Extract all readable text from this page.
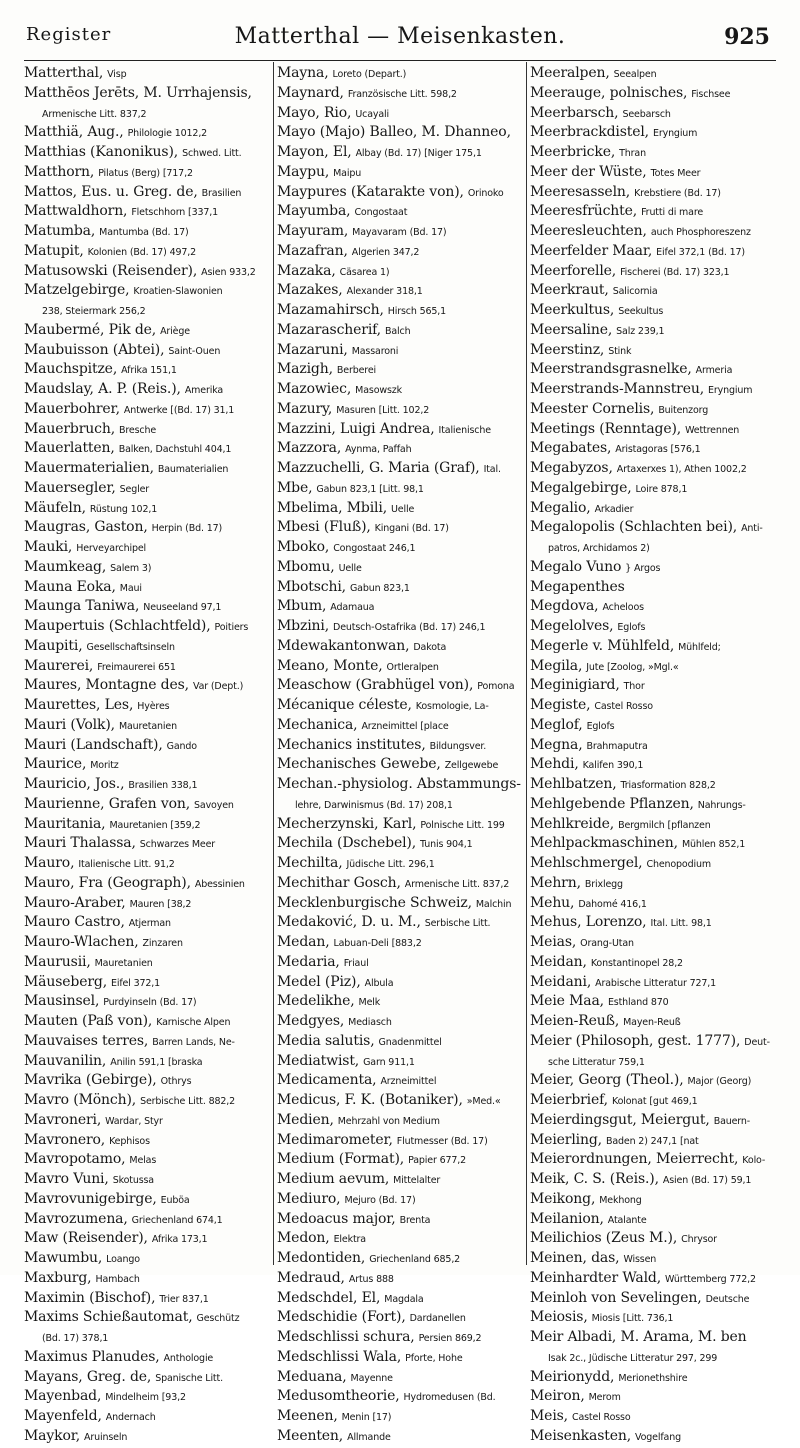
Register	Matterthal — Meisenkasten.	925
Matterthal, Visp
Matthēos Jerēts, M. Urrhajensis,
Armenische Litt. 837,2
Matthiä, Aug., Philologie 1012,2
Matthias (Kanonikus), Schwed. Litt.
Matthorn, Pilatus (Berg) [717,2
Mattos, Eus. u. Greg. de, Brasilien
Mattwaldhorn, Fletschhorn [337,1
Matumba, Mantumba (Bd. 17)
Matupit, Kolonien (Bd. 17) 497,2
Matusowski (Reisender), Asien 933,2
Matzelgebirge, Kroatien-Slawonien
238, Steiermark 256,2
Maubermé, Pik de, Ariège
Maubuisson (Abtei), Saint-Ouen
Mauchspitze, Afrika 151,1
Maudslay, A. P. (Reis.), Amerika
Mauerbohrer, Antwerke [(Bd. 17) 31,1
Mauerbruch, Bresche
Mauerlatten, Balken, Dachstuhl 404,1
Mauermaterialien, Baumaterialien
Mauersegler, Segler
Mäufeln, Rüstung 102,1
Maugras, Gaston, Herpin (Bd. 17)
Mauki, Herveyarchipel
Maumkeag, Salem 3)
Mauna Eoka, Maui
Maunga Taniwa, Neuseeland 97,1
Maupertuis (Schlachtfeld), Poitiers
Maupiti, Gesellschaftsinseln
Maurerei, Freimaurerei 651
Maures, Montagne des, Var (Dept.)
Maurettes, Les, Hyères
Mauri (Volk), Mauretanien
Mauri (Landschaft), Gando
Maurice, Moritz
Mauricio, Jos., Brasilien 338,1
Maurienne, Grafen von, Savoyen
Mauritania, Mauretanien [359,2
Mauri Thalassa, Schwarzes Meer
Mauro, Italienische Litt. 91,2
Mauro, Fra (Geograph), Abessinien
Mauro-Araber, Mauren [38,2
Mauro Castro, Atjerman
Mauro-Wlachen, Zinzaren
Maurusii, Mauretanien
Mäuseberg, Eifel 372,1
Mausinsel, Purdyinseln (Bd. 17)
Mauten (Paß von), Karnische Alpen
Mauvaises terres, Barren Lands, Ne-
Mauvanilin, Anilin 591,1 [braska
Mavrika (Gebirge), Othrys
Mavro (Mönch), Serbische Litt. 882,2
Mavroneri, Wardar, Styr
Mavronero, Kephisos
Mavropotamo, Melas
Mavro Vuni, Skotussa
Mavrovunigebirge, Euböa
Mavrozumena, Griechenland 674,1
Maw (Reisender), Afrika 173,1
Mawumbu, Loango
Maxburg, Hambach
Maximin (Bischof), Trier 837,1
Maxims Schießautomat, Geschütz
(Bd. 17) 378,1
Maximus Planudes, Anthologie
Mayans, Greg. de, Spanische Litt.
Mayenbad, Mindelheim [93,2
Mayenfeld, Andernach
Maykor, Aruinseln
Mayna, Loreto (Depart.)
Maynard, Französische Litt. 598,2
Mayo, Rio, Ucayali
Mayo (Majo) Balleo, M. Dhanneo,
Mayon, El, Albay (Bd. 17) [Niger 175,1
Maypu, Maipu
Maypures (Katarakte von), Orinoko
Mayumba, Congostaat
Mayuram, Mayavaram (Bd. 17)
Mazafran, Algerien 347,2
Mazaka, Cäsarea 1)
Mazakes, Alexander 318,1
Mazamahirsch, Hirsch 565,1
Mazarascherif, Balch
Mazaruni, Massaroni
Mazigh, Berberei
Mazowiec, Masowszk
Mazury, Masuren [Litt. 102,2
Mazzini, Luigi Andrea, Italienische
Mazzora, Aynma, Paffah
Mazzuchelli, G. Maria (Graf), Ital.
Mbe, Gabun 823,1 [Litt. 98,1
Mbelima, Mbili, Uelle
Mbesi (Fluß), Kingani (Bd. 17)
Mboko, Congostaat 246,1
Mbomu, Uelle
Mbotschi, Gabun 823,1
Mbum, Adamaua
Mbzini, Deutsch-Ostafrika (Bd. 17) 246,1
Mdewakantonwan, Dakota
Meano, Monte, Ortleralpen
Measchow (Grabhügel von), Pomona
Mécanique céleste, Kosmologie, La-
Mechanica, Arzneimittel [place
Mechanics institutes, Bildungsver.
Mechanisches Gewebe, Zellgewebe
Mechan.-physiolog. Abstammungs-
lehre, Darwinismus (Bd. 17) 208,1
Mecherzynski, Karl, Polnische Litt. 199
Mechila (Dschebel), Tunis 904,1
Mechilta, Jüdische Litt. 296,1
Mechithar Gosch, Armenische Litt. 837,2
Mecklenburgische Schweiz, Malchin
Medaković, D. u. M., Serbische Litt.
Medan, Labuan-Deli [883,2
Medaria, Friaul
Medel (Piz), Albula
Medelikhe, Melk
Medgyes, Mediasch
Media salutis, Gnadenmittel
Mediatwist, Garn 911,1
Medicamenta, Arzneimittel
Medicus, F. K. (Botaniker), »Med.«
Medien, Mehrzahl von Medium
Medimarometer, Flutmesser (Bd. 17)
Medium (Format), Papier 677,2
Medium aevum, Mittelalter
Mediuro, Mejuro (Bd. 17)
Medoacus major, Brenta
Medon, Elektra
Medontiden, Griechenland 685,2
Medraud, Artus 888
Medschdel, El, Magdala
Medschidie (Fort), Dardanellen
Medschlissi schura, Persien 869,2
Medschlissi Wala, Pforte, Hohe
Meduana, Mayenne
Medusomtheorie, Hydromedusen (Bd.
Meenen, Menin [17)
Meenten, Allmande
Meeralpen, Seealpen
Meerauge, polnisches, Fischsee
Meerbarsch, Seebarsch
Meerbrackdistel, Eryngium
Meerbricke, Thran
Meer der Wüste, Totes Meer
Meeresasseln, Krebstiere (Bd. 17)
Meeresfrüchte, Frutti di mare
Meeresleuchten, auch Phosphoreszenz
Meerfelder Maar, Eifel 372,1 (Bd. 17)
Meerforelle, Fischerei (Bd. 17) 323,1
Meerkraut, Salicornia
Meerkultus, Seekultus
Meersaline, Salz 239,1
Meerstinz, Stink
Meerstrandsgrasnelke, Armeria
Meerstrands-Mannstreu, Eryngium
Meester Cornelis, Buitenzorg
Meetings (Renntage), Wettrennen
Megabates, Aristagoras [576,1
Megabyzos, Artaxerxes 1), Athen 1002,2
Megalgebirge, Loire 878,1
Megalio, Arkadier
Megalopolis (Schlachten bei), Anti-
patros, Archidamos 2)
Megalo Vuno } Argos
Megapenthes
Megdova, Acheloos
Megelolves, Eglofs
Megerle v. Mühlfeld, Mühlfeld;
Megila, Jute [Zoolog, »Mgl.«
Meginigiard, Thor
Megiste, Castel Rosso
Meglof, Eglofs
Megna, Brahmaputra
Mehdi, Kalifen 390,1
Mehlbatzen, Triasformation 828,2
Mehlgebende Pflanzen, Nahrungs-
Mehlkreide, Bergmilch [pflanzen
Mehlpackmaschinen, Mühlen 852,1
Mehlschmergel, Chenopodium
Mehrn, Brixlegg
Mehu, Dahomé 416,1
Mehus, Lorenzo, Ital. Litt. 98,1
Meias, Orang-Utan
Meidan, Konstantinopel 28,2
Meidani, Arabische Litteratur 727,1
Meie Maa, Esthland 870
Meien-Reuß, Mayen-Reuß
Meier (Philosoph, gest. 1777), Deut-
sche Litteratur 759,1
Meier, Georg (Theol.), Major (Georg)
Meierbrief, Kolonat [gut 469,1
Meierdingsgut, Meiergut, Bauern-
Meierling, Baden 2) 247,1 [nat
Meierordnungen, Meierrecht, Kolo-
Meik, C. S. (Reis.), Asien (Bd. 17) 59,1
Meikong, Mekhong
Meilanion, Atalante
Meilichios (Zeus M.), Chrysor
Meinen, das, Wissen
Meinhardter Wald, Württemberg 772,2
Meinloh von Sevelingen, Deutsche
Meiosis, Miosis [Litt. 736,1
Meir Albadi, M. Arama, M. ben
Isak 2c., Jüdische Litteratur 297, 299
Meirionydd, Merionethshire
Meiron, Merom
Meis, Castel Rosso
Meisenkasten, Vogelfang
